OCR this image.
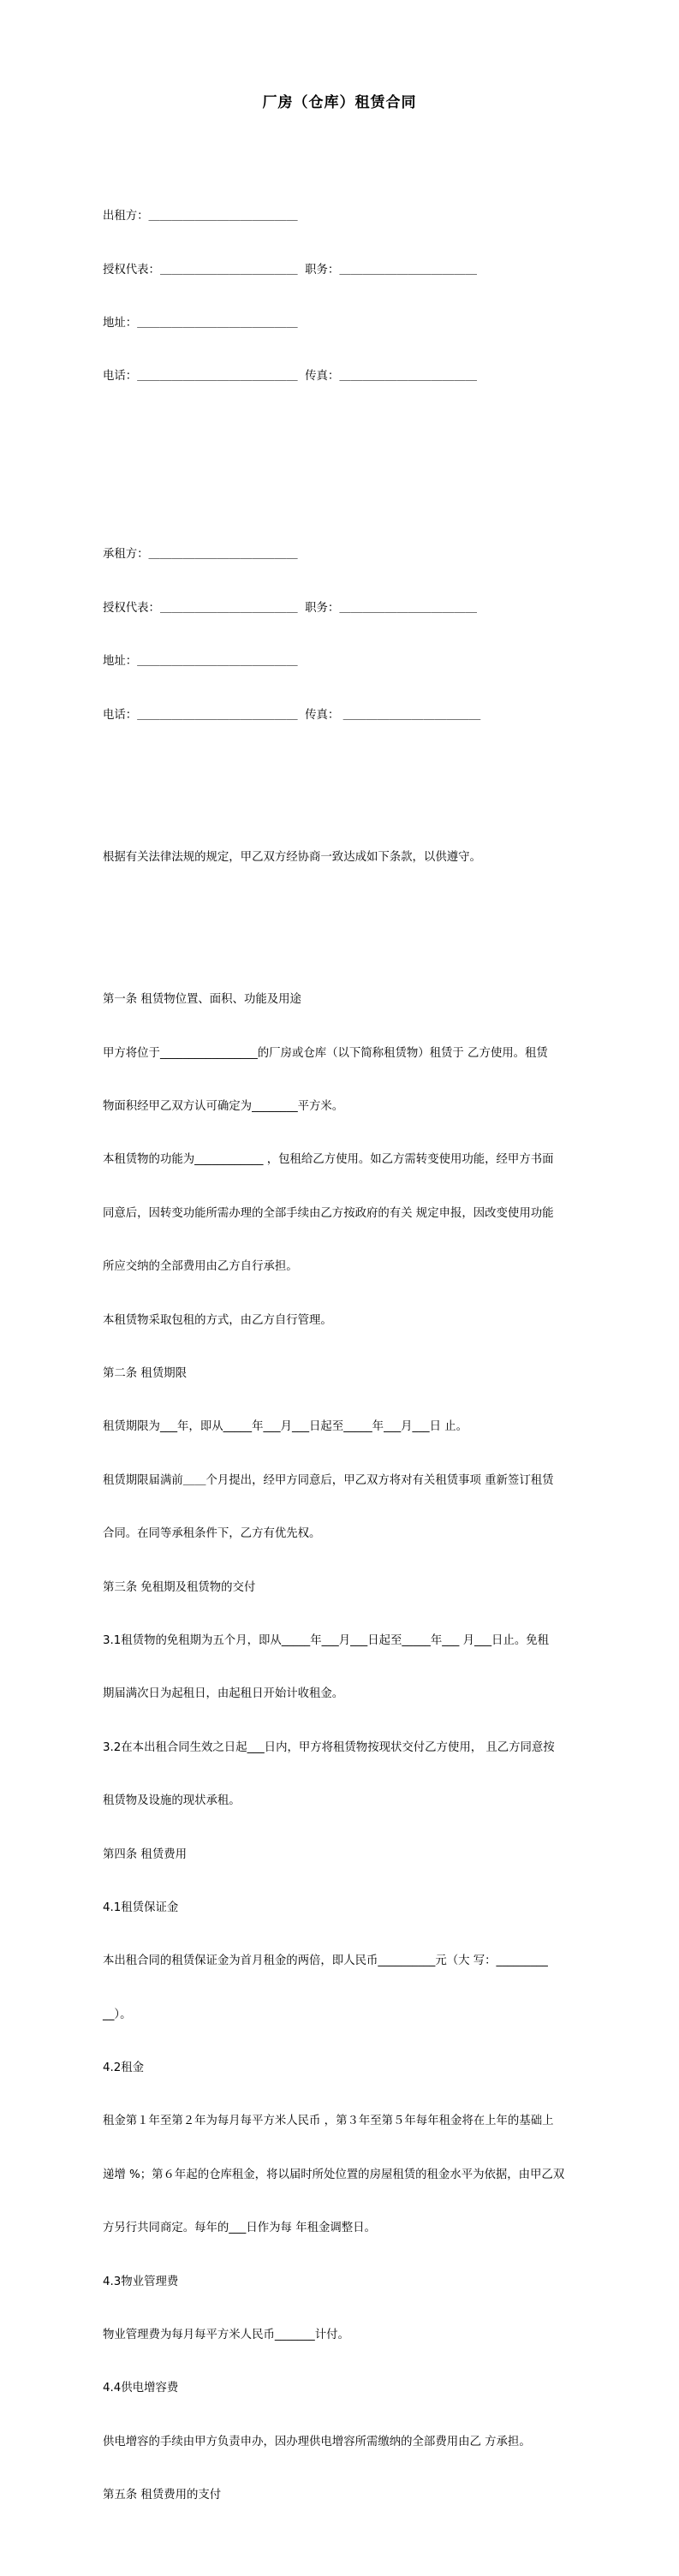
厂房（仓库）租赁合同

出租方：＿＿＿＿＿＿＿＿＿＿＿＿＿

授权代表：＿＿＿＿＿＿＿＿＿＿＿＿  职务：＿＿＿＿＿＿＿＿＿＿＿＿

地址：＿＿＿＿＿＿＿＿＿＿＿＿＿＿

电话：＿＿＿＿＿＿＿＿＿＿＿＿＿＿  传真：＿＿＿＿＿＿＿＿＿＿＿＿

承租方：＿＿＿＿＿＿＿＿＿＿＿＿＿

授权代表：＿＿＿＿＿＿＿＿＿＿＿＿  职务：＿＿＿＿＿＿＿＿＿＿＿＿

地址：＿＿＿＿＿＿＿＿＿＿＿＿＿＿

电话：＿＿＿＿＿＿＿＿＿＿＿＿＿＿  传真： ＿＿＿＿＿＿＿＿＿＿＿＿

根据有关法律法规的规定，甲乙双方经协商一致达成如下条款，以供遵守。

第一条 租赁物位置、面积、功能及用途

甲方将位于_________________的厂房或仓库（以下简称租赁物）租赁于 乙方使用。租赁

物面积经甲乙双方认可确定为________平方米。

本租赁物的功能为____________ ，包租给乙方使用。如乙方需转变使用功能，经甲方书面

同意后，因转变功能所需办理的全部手续由乙方按政府的有关 规定申报，因改变使用功能

所应交纳的全部费用由乙方自行承担。

本租赁物采取包租的方式，由乙方自行管理。

第二条 租赁期限

租赁期限为___年，即从_____年___月___日起至_____年___月___日 止。

租赁期限届满前＿＿个月提出，经甲方同意后，甲乙双方将对有关租赁事项 重新签订租赁

合同。在同等承租条件下，乙方有优先权。

第三条 免租期及租赁物的交付

3.1租赁物的免租期为五个月，即从_____年___月___日起至_____年___ 月___日止。免租

期届满次日为起租日，由起租日开始计收租金。

3.2在本出租合同生效之日起___日内，甲方将租赁物按现状交付乙方使用， 且乙方同意按

租赁物及设施的现状承租。

第四条 租赁费用

4.1租赁保证金

本出租合同的租赁保证金为首月租金的两倍，即人民币__________元（大 写：_________

__）。

4.2租金

租金第１年至第２年为每月每平方米人民币 ，第３年至第５年每年租金将在上年的基础上

递增 %；第６年起的仓库租金，将以届时所处位置的房屋租赁的租金水平为依据，由甲乙双

方另行共同商定。每年的___日作为每 年租金调整日。

4.3物业管理费

物业管理费为每月每平方米人民币_______计付。

4.4供电增容费

供电增容的手续由甲方负责申办，因办理供电增容所需缴纳的全部费用由乙 方承担。

第五条 租赁费用的支付
